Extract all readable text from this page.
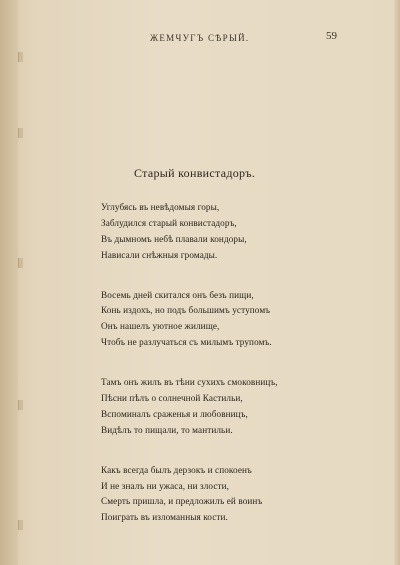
ЖЕМЧУГЪ СѢРЫЙ.	59
Старый конвистадоръ.
Углубясь въ невѣдомыя горы,
Заблудился старый конвистадоръ,
Въ дымномъ небѣ плавали кондоры,
Нависали снѣжныя громады.
Восемь дней скитался онъ безъ пищи,
Конь издохъ, но подъ большимъ уступомъ
Онъ нашелъ уютное жилище,
Чтобъ не разлучаться съ милымъ трупомъ.
Тамъ онъ жилъ въ тѣни сухихъ смоковницъ,
Пѣсни пѣлъ о солнечной Кастильи,
Вспоминалъ сраженья и любовницъ,
Видѣлъ то пищали, то мантильи.
Какъ всегда былъ дерзокъ и спокоенъ
И не зналъ ни ужаса, ни злости,
Смерть пришла, и предложилъ ей воинъ
Поиграть въ изломанныя кости.
